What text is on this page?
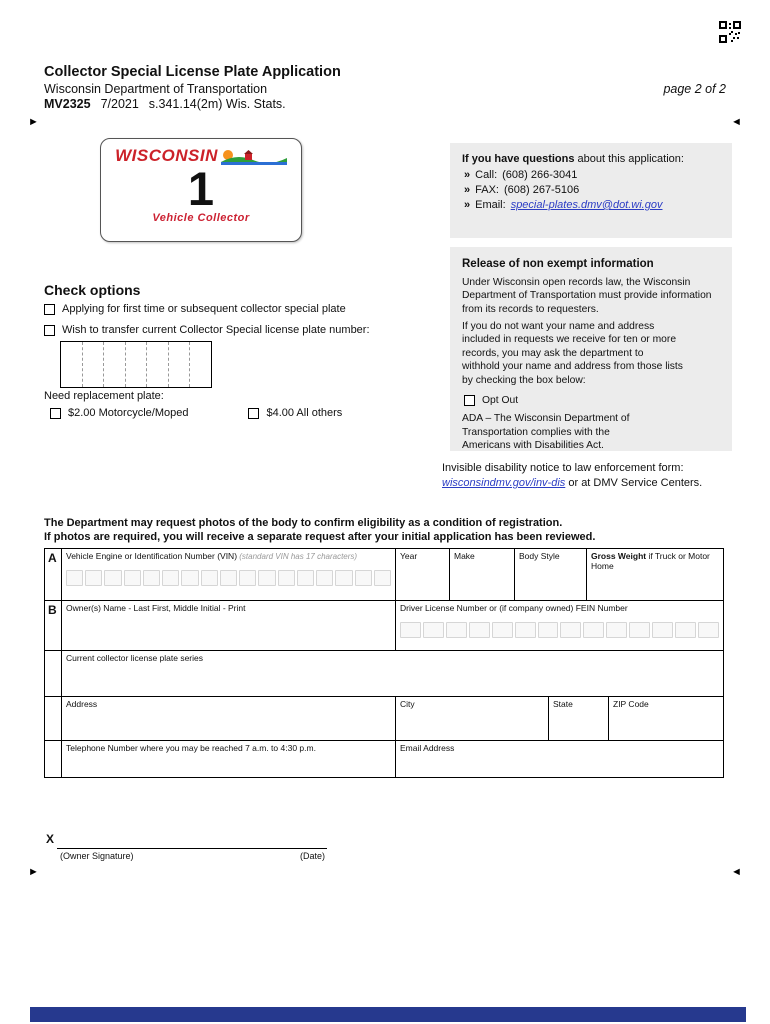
Collector Special License Plate Application
Wisconsin Department of Transportation	page 2 of 2
MV2325 7/2021 s.341.14(2m) Wis. Stats.
►	◄
WISCONSIN
1
Vehicle Collector
If you have questions about this application:
» Call: (608) 266-3041
» FAX: (608) 267-5106
» Email: special-plates.dmv@dot.wi.gov
Release of non exempt information

Under Wisconsin open records law, the Wisconsin Department of Transportation must provide information from its records to requesters.

If you do not want your name and address included in requests we receive for ten or more records, you may ask the department to withhold your name and address from those lists by checking the box below:

Opt Out

ADA – The Wisconsin Department of Transportation complies with the Americans with Disabilities Act.

Check options
Applying for first time or subsequent collector special plate
Wish to transfer current Collector Special license plate number:
Need replacement plate:
$2.00 Motorcycle/Moped	$4.00 All others
Invisible disability notice to law enforcement form:
wisconsindmv.gov/inv-dis or at DMV Service Centers.
The Department may request photos of the body to confirm eligibility as a condition of registration.
If photos are required, you will receive a separate request after your initial application has been reviewed.
A	Vehicle Engine or Identification Number (VIN) (standard VIN has 17 characters)	Year	Make	Body Style	Gross Weight if Truck or Motor Home
B	Owner(s) Name - Last First, Middle Initial - Print	Driver License Number or (if company owned) FEIN Number
Current collector license plate series
Address	City	State	ZIP Code
Telephone Number where you may be reached 7 a.m. to 4:30 p.m.	Email Address
X
(Owner Signature)	(Date)
►	◄
